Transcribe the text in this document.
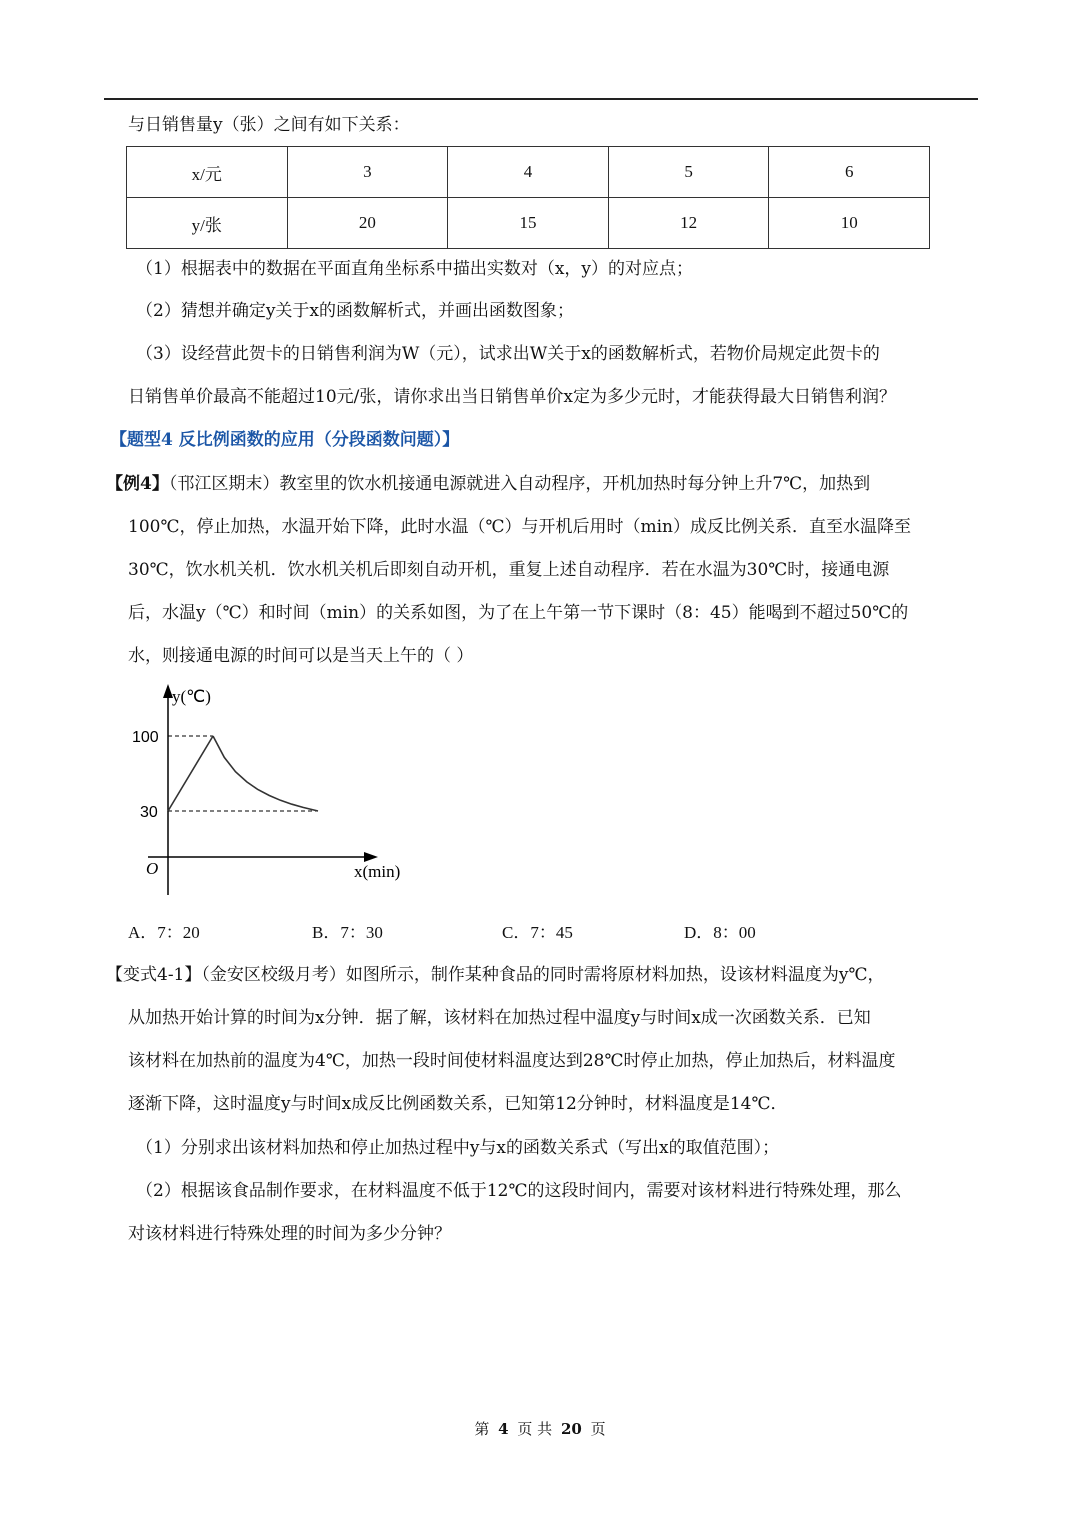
与日销售量y（张）之间有如下关系：
x/元	3	4	5	6
y/张	20	15	12	10
（1）根据表中的数据在平面直角坐标系中描出实数对（x，y）的对应点；
（2）猜想并确定y关于x的函数解析式，并画出函数图象；
（3）设经营此贺卡的日销售利润为W（元），试求出W关于x的函数解析式，若物价局规定此贺卡的
日销售单价最高不能超过10元/张，请你求出当日销售单价x定为多少元时，才能获得最大日销售利润？
【题型4 反比例函数的应用（分段函数问题）】
【例4】（邗江区期末）教室里的饮水机接通电源就进入自动程序，开机加热时每分钟上升7℃，加热到
100℃，停止加热，水温开始下降，此时水温（℃）与开机后用时（min）成反比例关系．直至水温降至
30℃，饮水机关机．饮水机关机后即刻自动开机，重复上述自动程序．若在水温为30℃时，接通电源
后，水温y（℃）和时间（min）的关系如图，为了在上午第一节下课时（8：45）能喝到不超过50℃的
水，则接通电源的时间可以是当天上午的（ ）
y(℃)
x(min)
O
100
30
A．7：20	B．7：30	C．7：45	D．8：00
【变式4-1】（金安区校级月考）如图所示，制作某种食品的同时需将原材料加热，设该材料温度为y℃，
从加热开始计算的时间为x分钟．据了解，该材料在加热过程中温度y与时间x成一次函数关系．已知
该材料在加热前的温度为4℃，加热一段时间使材料温度达到28℃时停止加热，停止加热后，材料温度
逐渐下降，这时温度y与时间x成反比例函数关系，已知第12分钟时，材料温度是14℃．
（1）分别求出该材料加热和停止加热过程中y与x的函数关系式（写出x的取值范围）；
（2）根据该食品制作要求，在材料温度不低于12℃的这段时间内，需要对该材料进行特殊处理，那么
对该材料进行特殊处理的时间为多少分钟？
第 4 页 共 20 页
